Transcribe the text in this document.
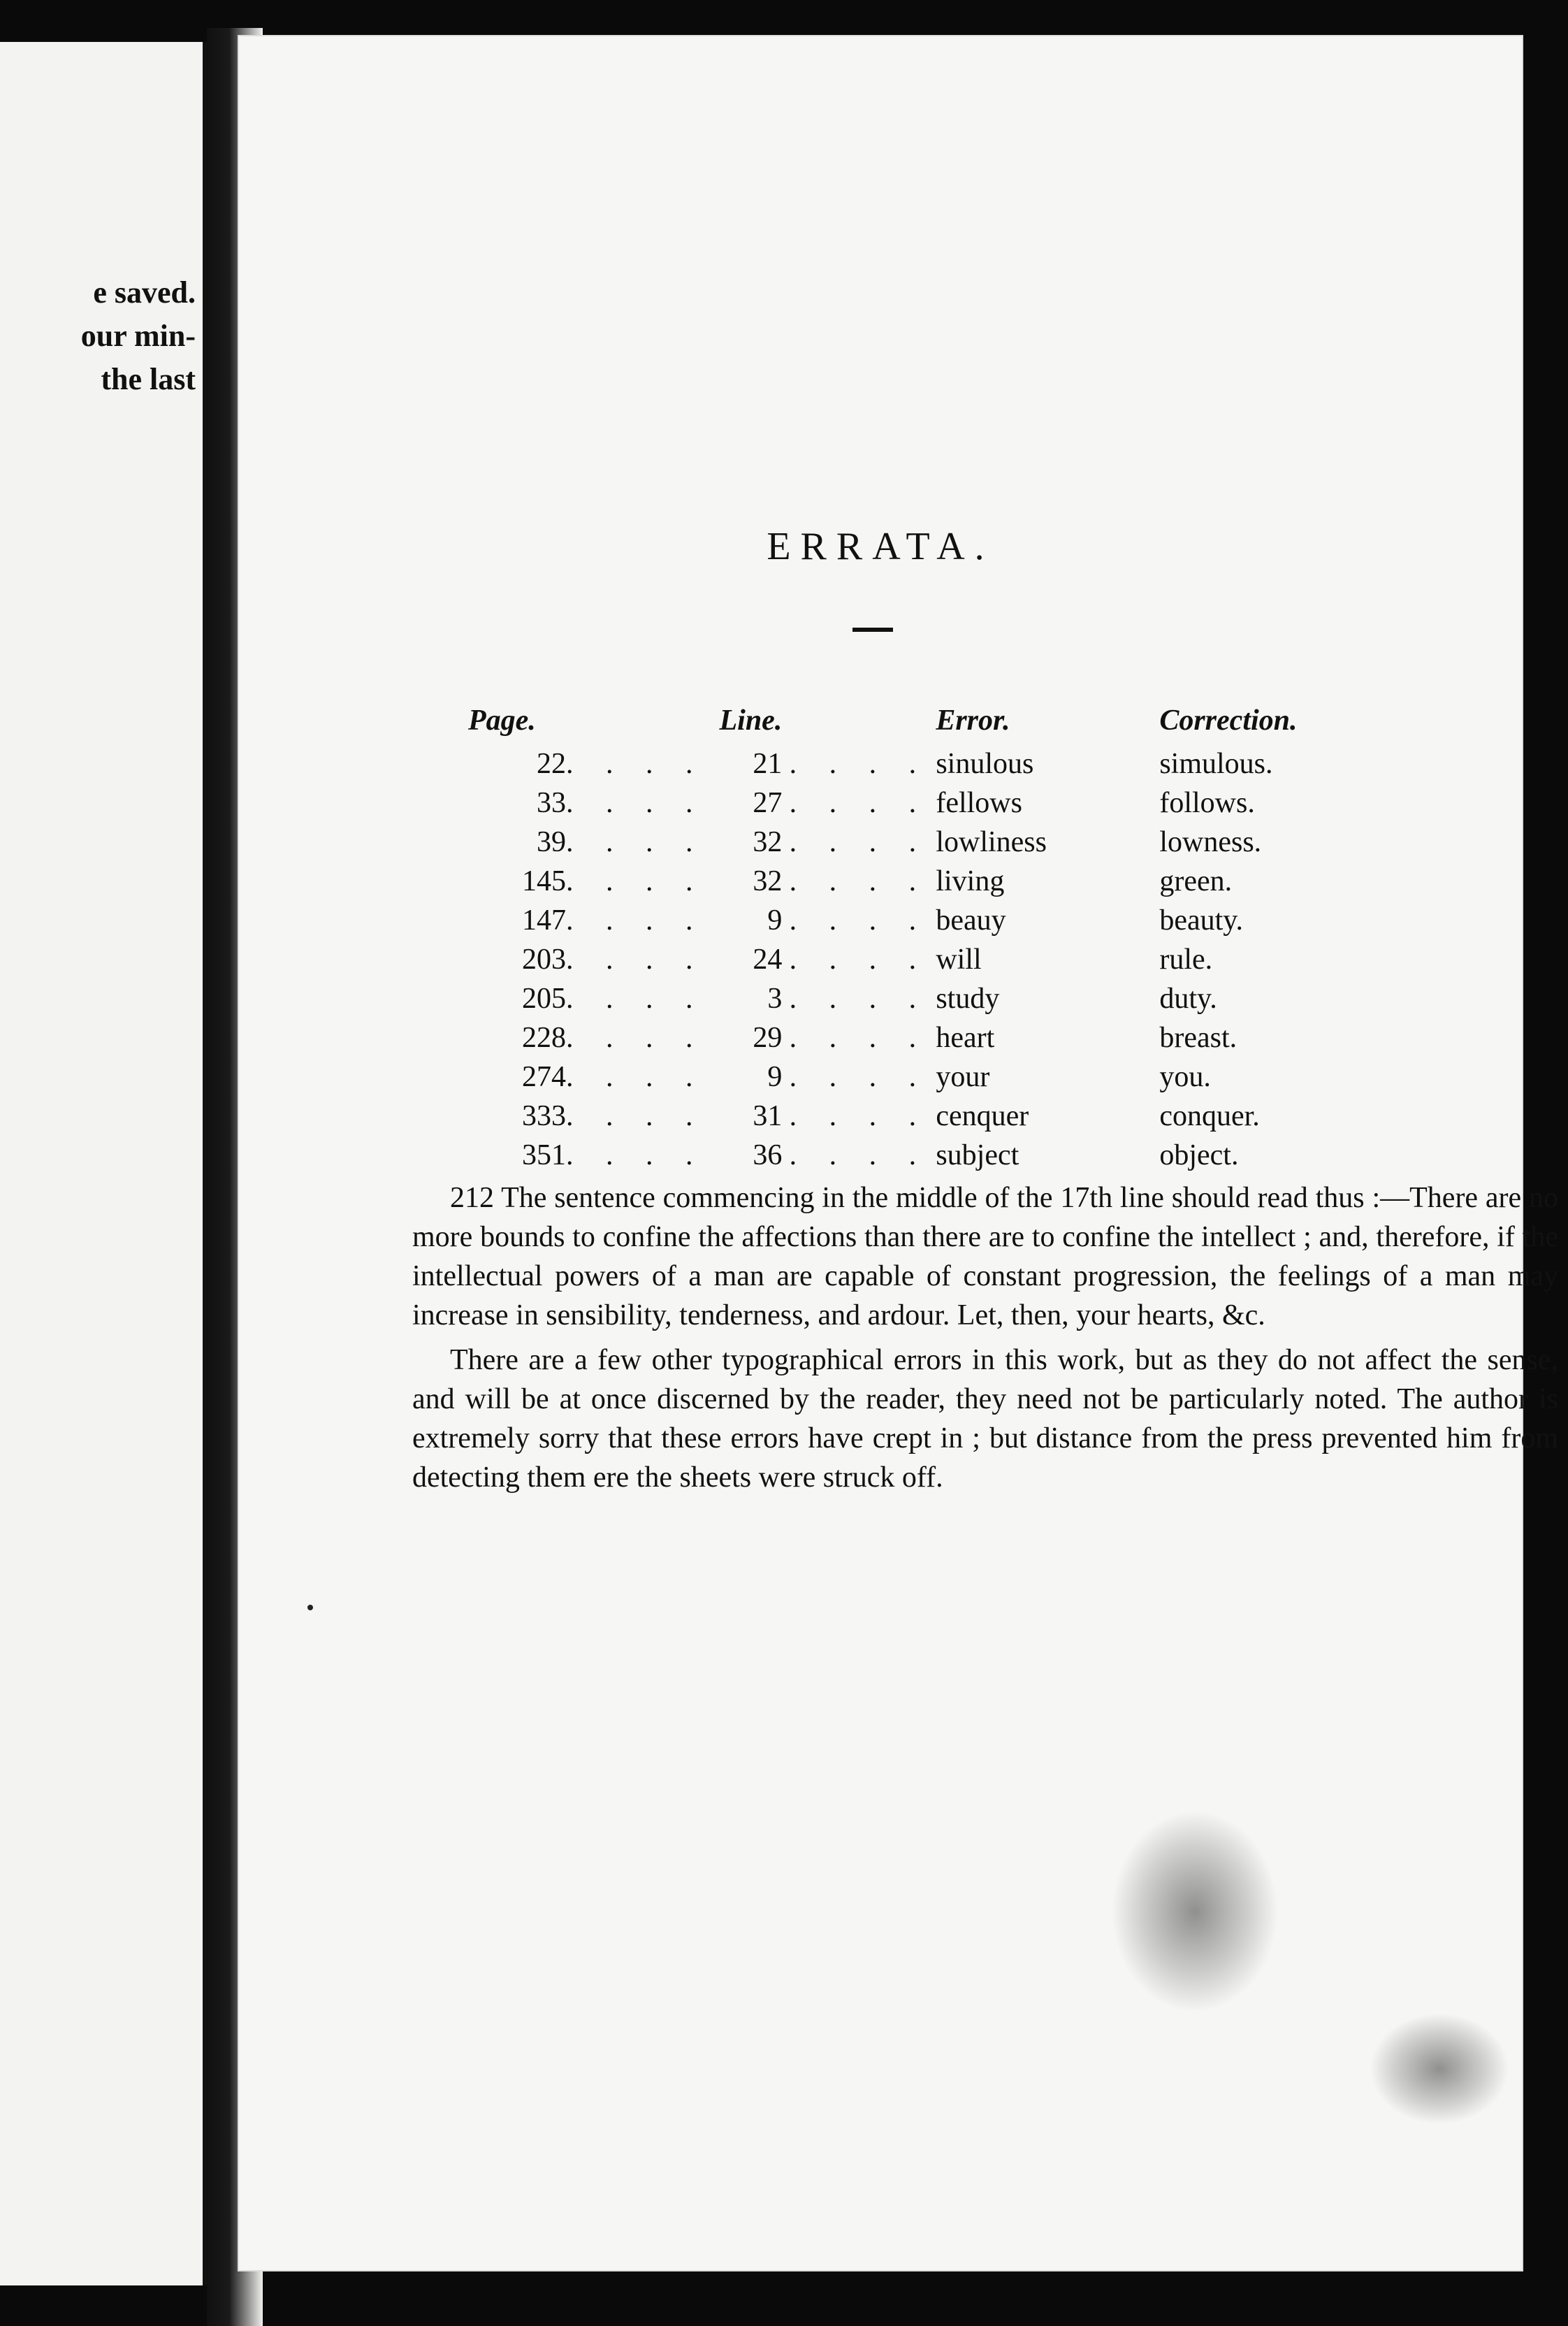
e saved.
our min-
the last
ERRATA.
Page.		Line.		Error.	Correction.
22	. . . .	21	. . . .	sinulous	simulous.
33	. . . .	27	. . . .	fellows	follows.
39	. . . .	32	. . . .	lowliness	lowness.
145	. . . .	32	. . . .	living	green.
147	. . . .	9	. . . .	beauy	beauty.
203	. . . .	24	. . . .	will	rule.
205	. . . .	3	. . . .	study	duty.
228	. . . .	29	. . . .	heart	breast.
274	. . . .	9	. . . .	your	you.
333	. . . .	31	. . . .	cenquer	conquer.
351	. . . .	36	. . . .	subject	object.

212 The sentence commencing in the middle of the 17th line should read thus :—There are no more bounds to confine the affections than there are to confine the intellect ; and, therefore, if the intellectual powers of a man are capable of constant progression, the feelings of a man may increase in sensibility, tenderness, and ardour. Let, then, your hearts, &c.

There are a few other typographical errors in this work, but as they do not affect the sense, and will be at once discerned by the reader, they need not be particularly noted. The author is extremely sorry that these errors have crept in ; but distance from the press prevented him from detecting them ere the sheets were struck off.
